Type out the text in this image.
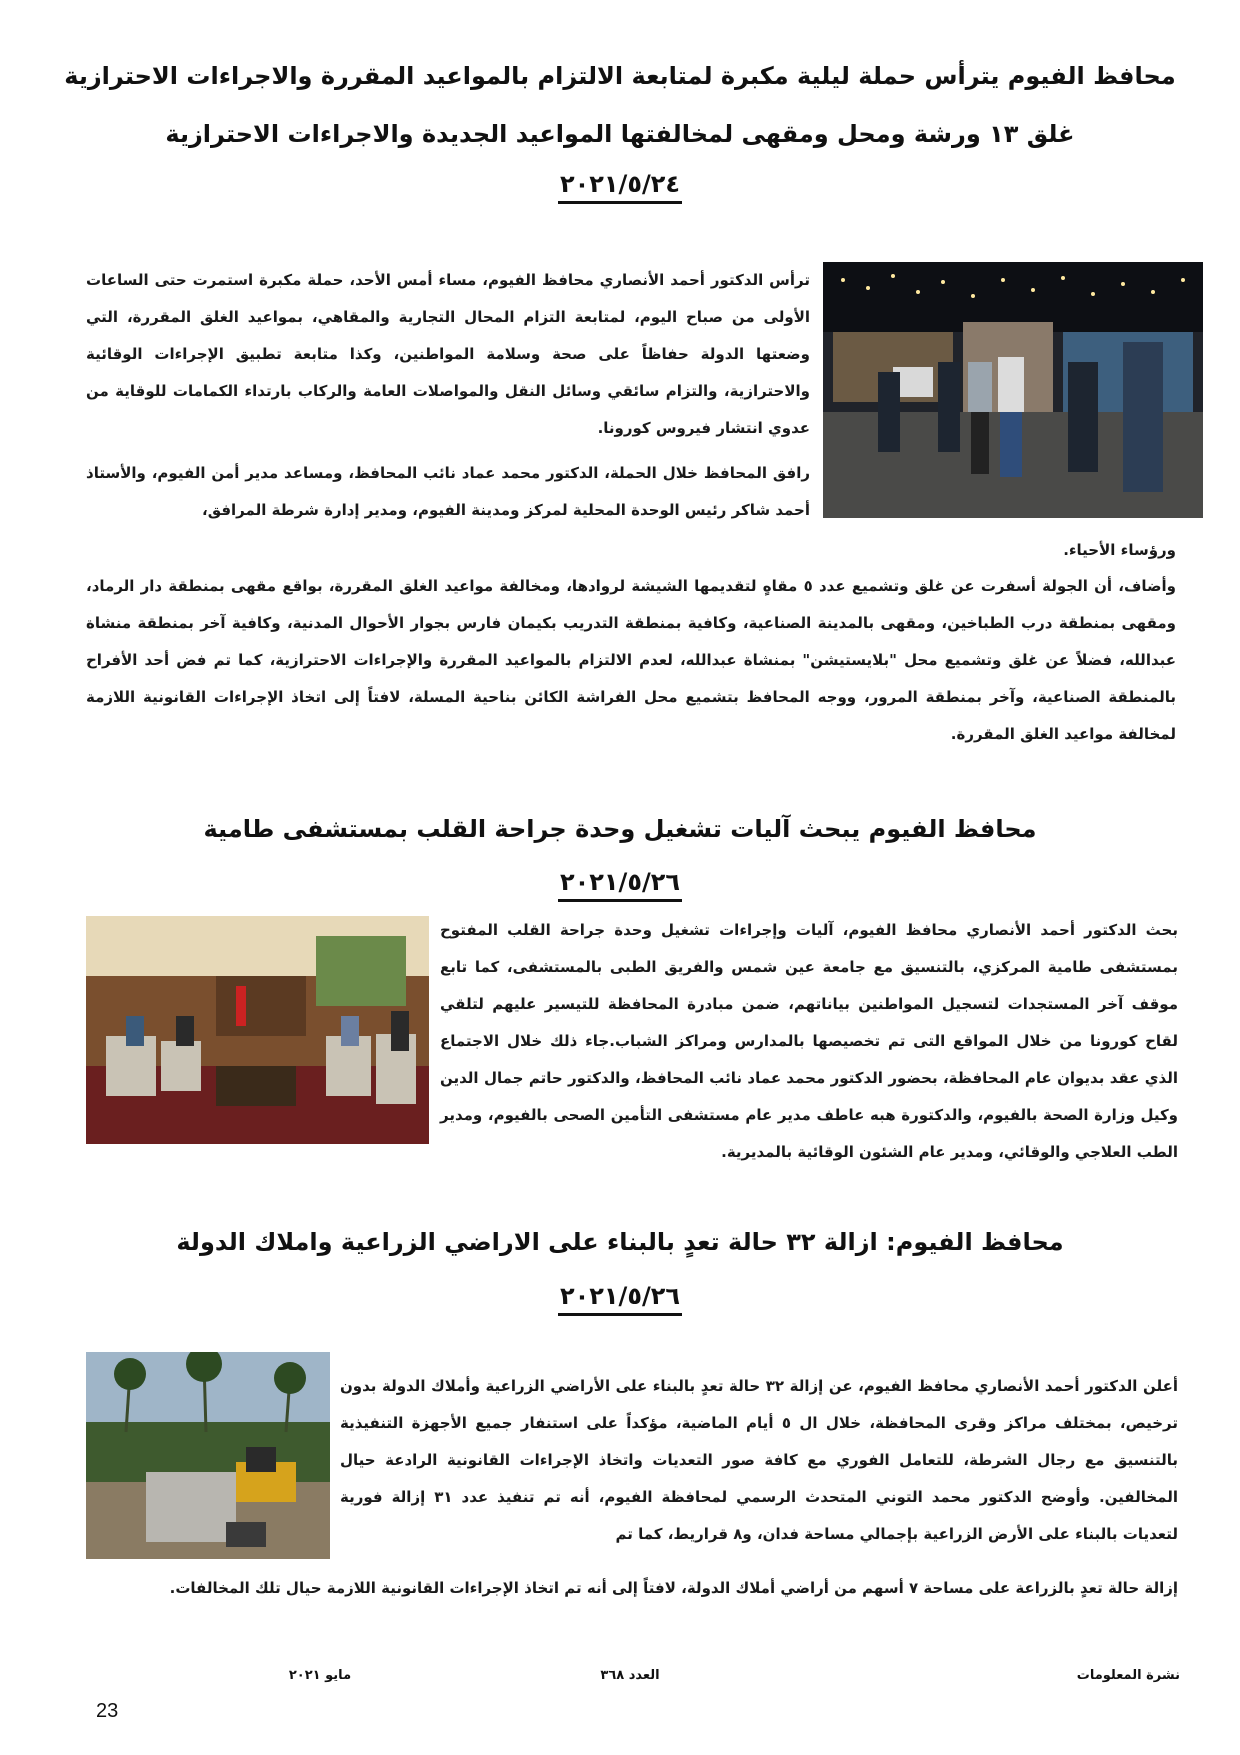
محافظ الفيوم يترأس حملة ليلية مكبرة لمتابعة الالتزام بالمواعيد المقررة والاجراءات الاحترازية
غلق ١٣ ورشة ومحل ومقهى لمخالفتها المواعيد الجديدة والاجراءات الاحترازية
٢٠٢١/٥/٢٤
ترأس الدكتور أحمد الأنصاري محافظ الفيوم، مساء أمس الأحد، حملة مكبرة استمرت حتى الساعات الأولى من صباح اليوم، لمتابعة التزام المحال التجارية والمقاهي، بمواعيد الغلق المقررة، التي وضعتها الدولة حفاظاً على صحة وسلامة المواطنين، وكذا متابعة تطبيق الإجراءات الوقائية والاحترازية، والتزام سائقي وسائل النقل والمواصلات العامة والركاب بارتداء الكمامات للوقاية من عدوي انتشار فيروس كورونا.
رافق المحافظ خلال الحملة، الدكتور محمد عماد نائب المحافظ، ومساعد مدير أمن الفيوم، والأستاذ أحمد شاكر رئيس الوحدة المحلية لمركز ومدينة الفيوم، ومدير إدارة شرطة المرافق،
ورؤساء الأحياء.
وأضاف، أن الجولة أسفرت عن غلق وتشميع عدد ٥ مقاهٍ لتقديمها الشيشة لروادها، ومخالفة مواعيد الغلق المقررة، بواقع مقهى بمنطقة دار الرماد، ومقهى بمنطقة درب الطباخين، ومقهى بالمدينة الصناعية، وكافية بمنطقة التدريب بكيمان فارس بجوار الأحوال المدنية، وكافية آخر بمنطقة منشاة عبدالله، فضلاً عن غلق وتشميع محل "بلايستيشن" بمنشاة عبدالله، لعدم الالتزام بالمواعيد المقررة والإجراءات الاحترازية، كما تم فض أحد الأفراح بالمنطقة الصناعية، وآخر بمنطقة المرور، ووجه المحافظ بتشميع محل الفراشة الكائن بناحية المسلة، لافتاً إلى اتخاذ الإجراءات القانونية اللازمة لمخالفة مواعيد الغلق المقررة.
محافظ الفيوم يبحث آليات تشغيل وحدة جراحة القلب بمستشفى طامية
٢٠٢١/٥/٢٦
بحث الدكتور أحمد الأنصاري محافظ الفيوم، آليات وإجراءات تشغيل وحدة جراحة القلب المفتوح بمستشفى طامية المركزي، بالتنسيق مع جامعة عين شمس والفريق الطبى بالمستشفى، كما تابع موقف آخر المستجدات لتسجيل المواطنين بياناتهم، ضمن مبادرة المحافظة للتيسير عليهم لتلقي لقاح كورونا من خلال المواقع التى تم تخصيصها بالمدارس ومراكز الشباب.جاء ذلك خلال الاجتماع الذي عقد بديوان عام المحافظة، بحضور الدكتور محمد عماد نائب المحافظ، والدكتور حاتم جمال الدين وكيل وزارة الصحة بالفيوم، والدكتورة هبه عاطف مدير عام مستشفى التأمين الصحى بالفيوم، ومدير الطب العلاجي والوقائي، ومدير عام الشئون الوقائية بالمديرية.
محافظ الفيوم: ازالة ٣٢ حالة تعدٍ بالبناء على الاراضي الزراعية واملاك الدولة
٢٠٢١/٥/٢٦
أعلن الدكتور أحمد الأنصاري محافظ الفيوم، عن إزالة ٣٢ حالة تعدٍ بالبناء على الأراضي الزراعية وأملاك الدولة بدون ترخيص، بمختلف مراكز وقرى المحافظة، خلال ال ٥ أيام الماضية، مؤكداً على استنفار جميع الأجهزة التنفيذية بالتنسيق مع رجال الشرطة، للتعامل الفوري مع كافة صور التعديات واتخاذ الإجراءات القانونية الرادعة حيال المخالفين. وأوضح الدكتور محمد التوني المتحدث الرسمي لمحافظة الفيوم، أنه تم تنفيذ عدد ٣١ إزالة فورية لتعديات بالبناء على الأرض الزراعية بإجمالي مساحة فدان، و٨ قراريط، كما تم
إزالة حالة تعدٍ بالزراعة على مساحة ٧ أسهم من أراضي أملاك الدولة، لافتاً إلى أنه تم اتخاذ الإجراءات القانونية اللازمة حيال تلك المخالفات.
نشرة المعلومات
العدد ٣٦٨
مايو ٢٠٢١
23
